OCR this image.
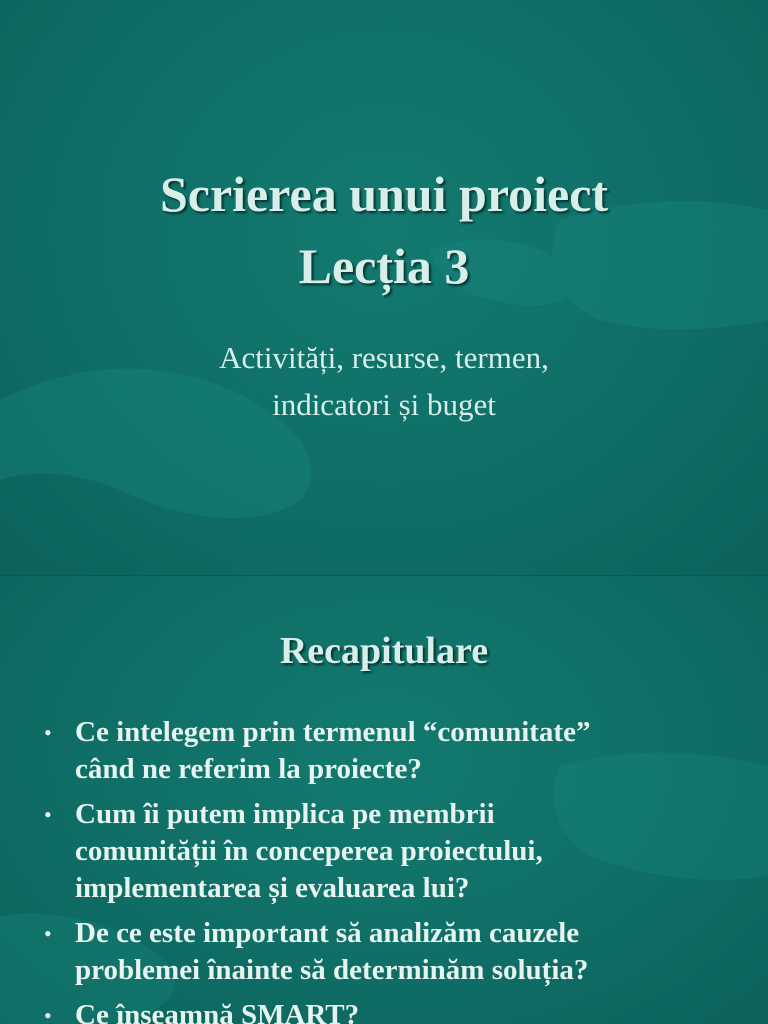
Scrierea unui proiect
Lecția 3
Activități, resurse, termen,
indicatori și buget
Recapitulare
• Ce intelegem prin termenul “comunitate”
când ne referim la proiecte?
• Cum îi putem implica pe membrii
comunității în conceperea proiectului,
implementarea și evaluarea lui?
• De ce este important să analizăm cauzele
problemei înainte să determinăm soluția?
• Ce înseamnă SMART?
